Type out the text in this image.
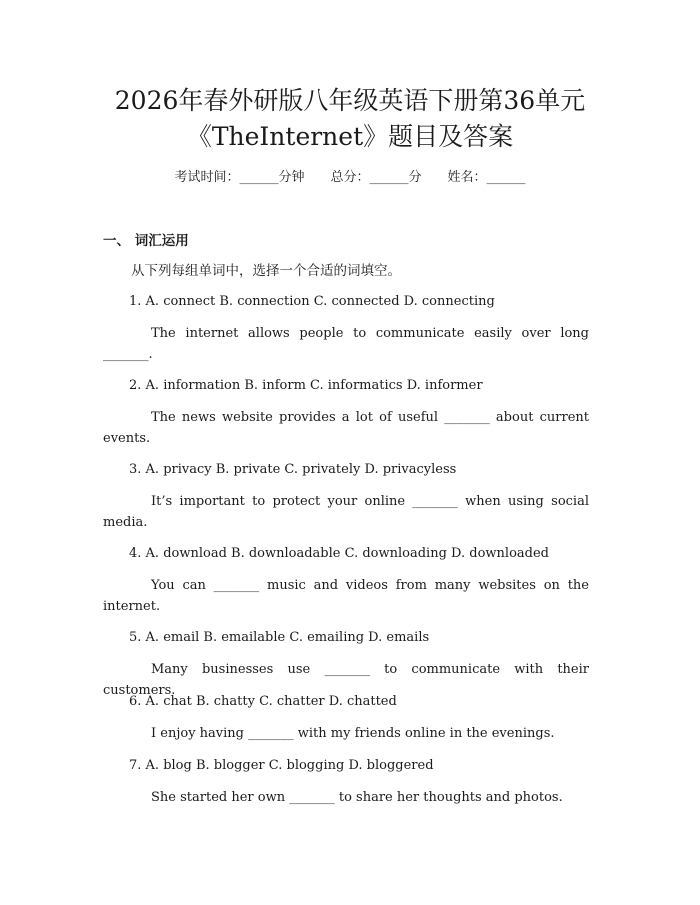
2026年春外研版八年级英语下册第36单元
《TheInternet》题目及答案
考试时间：______分钟 总分：______分 姓名：______
一、 词汇运用
从下列每组单词中，选择一个合适的词填空。
1. A. connect B. connection C. connected D. connecting

The internet allows people to communicate easily over long _______.

2. A. information B. inform C. informatics D. informer

The news website provides a lot of useful _______ about current events.

3. A. privacy B. private C. privately D. privacyless

It’s important to protect your online _______ when using social media.

4. A. download B. downloadable C. downloading D. downloaded

You can _______ music and videos from many websites on the internet.

5. A. email B. emailable C. emailing D. emails

Many businesses use _______ to communicate with their customers.

6. A. chat B. chatty C. chatter D. chatted

I enjoy having _______ with my friends online in the evenings.

7. A. blog B. blogger C. blogging D. bloggered

She started her own _______ to share her thoughts and photos.
